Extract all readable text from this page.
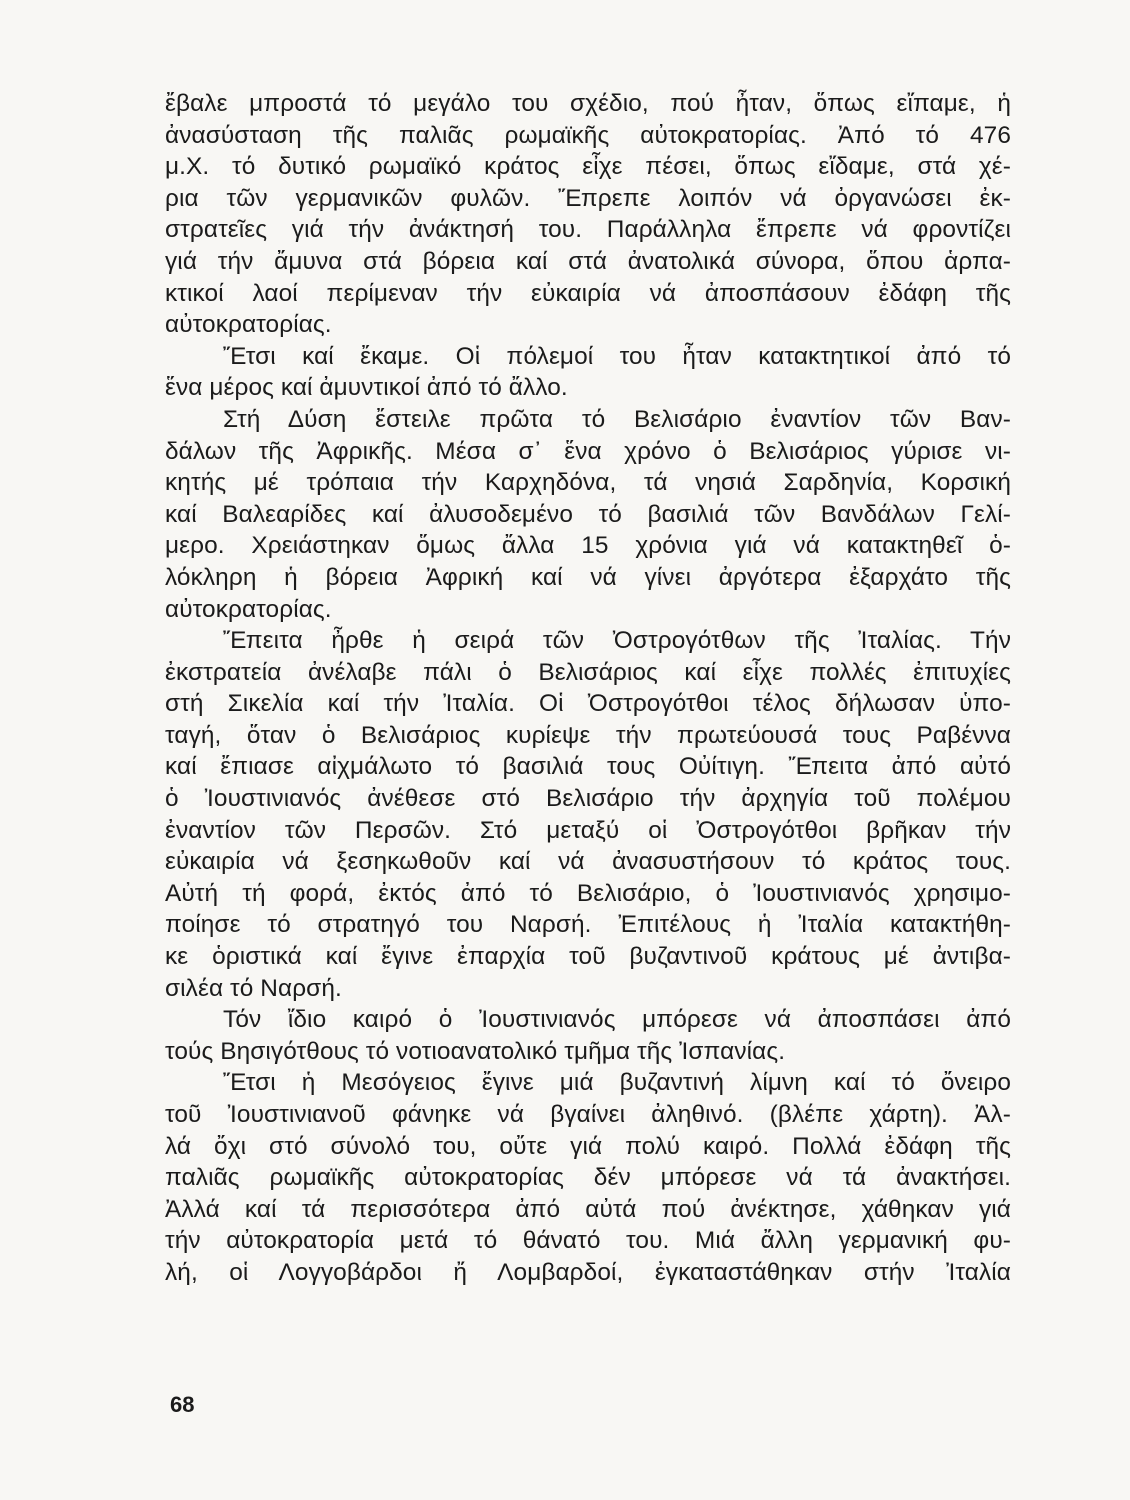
ἔβαλε μπροστά τό μεγάλο του σχέδιο, πού ἦταν, ὅπως εἴπαμε, ἡ
ἀνασύσταση τῆς παλιᾶς ρωμαϊκῆς αὐτοκρατορίας. Ἀπό τό 476
μ.Χ. τό δυτικό ρωμαϊκό κράτος εἶχε πέσει, ὅπως εἴδαμε, στά χέ-
ρια τῶν γερμανικῶν φυλῶν. Ἔπρεπε λοιπόν νά ὀργανώσει ἐκ-
στρατεῖες γιά τήν ἀνάκτησή του. Παράλληλα ἔπρεπε νά φροντίζει
γιά τήν ἄμυνα στά βόρεια καί στά ἀνατολικά σύνορα, ὅπου ἁρπα-
κτικοί λαοί περίμεναν τήν εὐκαιρία νά ἀποσπάσουν ἐδάφη τῆς
αὐτοκρατορίας.
Ἔτσι καί ἔκαμε. Οἱ πόλεμοί του ἦταν κατακτητικοί ἀπό τό
ἕνα μέρος καί ἀμυντικοί ἀπό τό ἄλλο.
Στή Δύση ἔστειλε πρῶτα τό Βελισάριο ἐναντίον τῶν Βαν-
δάλων τῆς Ἀφρικῆς. Μέσα σ᾽ ἕνα χρόνο ὁ Βελισάριος γύρισε νι-
κητής μέ τρόπαια τήν Καρχηδόνα, τά νησιά Σαρδηνία, Κορσική
καί Βαλεαρίδες καί ἀλυσοδεμένο τό βασιλιά τῶν Βανδάλων Γελί-
μερο. Χρειάστηκαν ὅμως ἄλλα 15 χρόνια γιά νά κατακτηθεῖ ὁ-
λόκληρη ἡ βόρεια Ἀφρική καί νά γίνει ἀργότερα ἐξαρχάτο τῆς
αὐτοκρατορίας.
Ἔπειτα ἦρθε ἡ σειρά τῶν Ὀστρογότθων τῆς Ἰταλίας. Τήν
ἐκστρατεία ἀνέλαβε πάλι ὁ Βελισάριος καί εἶχε πολλές ἐπιτυχίες
στή Σικελία καί τήν Ἰταλία. Οἱ Ὀστρογότθοι τέλος δήλωσαν ὑπο-
ταγή, ὅταν ὁ Βελισάριος κυρίεψε τήν πρωτεύουσά τους Ραβέννα
καί ἔπιασε αἰχμάλωτο τό βασιλιά τους Οὐίτιγη. Ἔπειτα ἀπό αὐτό
ὁ Ἰουστινιανός ἀνέθεσε στό Βελισάριο τήν ἀρχηγία τοῦ πολέμου
ἐναντίον τῶν Περσῶν. Στό μεταξύ οἱ Ὀστρογότθοι βρῆκαν τήν
εὐκαιρία νά ξεσηκωθοῦν καί νά ἀνασυστήσουν τό κράτος τους.
Αὐτή τή φορά, ἐκτός ἀπό τό Βελισάριο, ὁ Ἰουστινιανός χρησιμο-
ποίησε τό στρατηγό του Ναρσή. Ἐπιτέλους ἡ Ἰταλία κατακτήθη-
κε ὁριστικά καί ἔγινε ἐπαρχία τοῦ βυζαντινοῦ κράτους μέ ἀντιβα-
σιλέα τό Ναρσή.
Τόν ἴδιο καιρό ὁ Ἰουστινιανός μπόρεσε νά ἀποσπάσει ἀπό
τούς Βησιγότθους τό νοτιοανατολικό τμῆμα τῆς Ἰσπανίας.
Ἔτσι ἡ Μεσόγειος ἔγινε μιά βυζαντινή λίμνη καί τό ὄνειρο
τοῦ Ἰουστινιανοῦ φάνηκε νά βγαίνει ἀληθινό. (βλέπε χάρτη). Ἀλ-
λά ὄχι στό σύνολό του, οὔτε γιά πολύ καιρό. Πολλά ἐδάφη τῆς
παλιᾶς ρωμαϊκῆς αὐτοκρατορίας δέν μπόρεσε νά τά ἀνακτήσει.
Ἀλλά καί τά περισσότερα ἀπό αὐτά πού ἀνέκτησε, χάθηκαν γιά
τήν αὐτοκρατορία μετά τό θάνατό του. Μιά ἄλλη γερμανική φυ-
λή, οἱ Λογγοβάρδοι ἤ Λομβαρδοί, ἐγκαταστάθηκαν στήν Ἰταλία
68
